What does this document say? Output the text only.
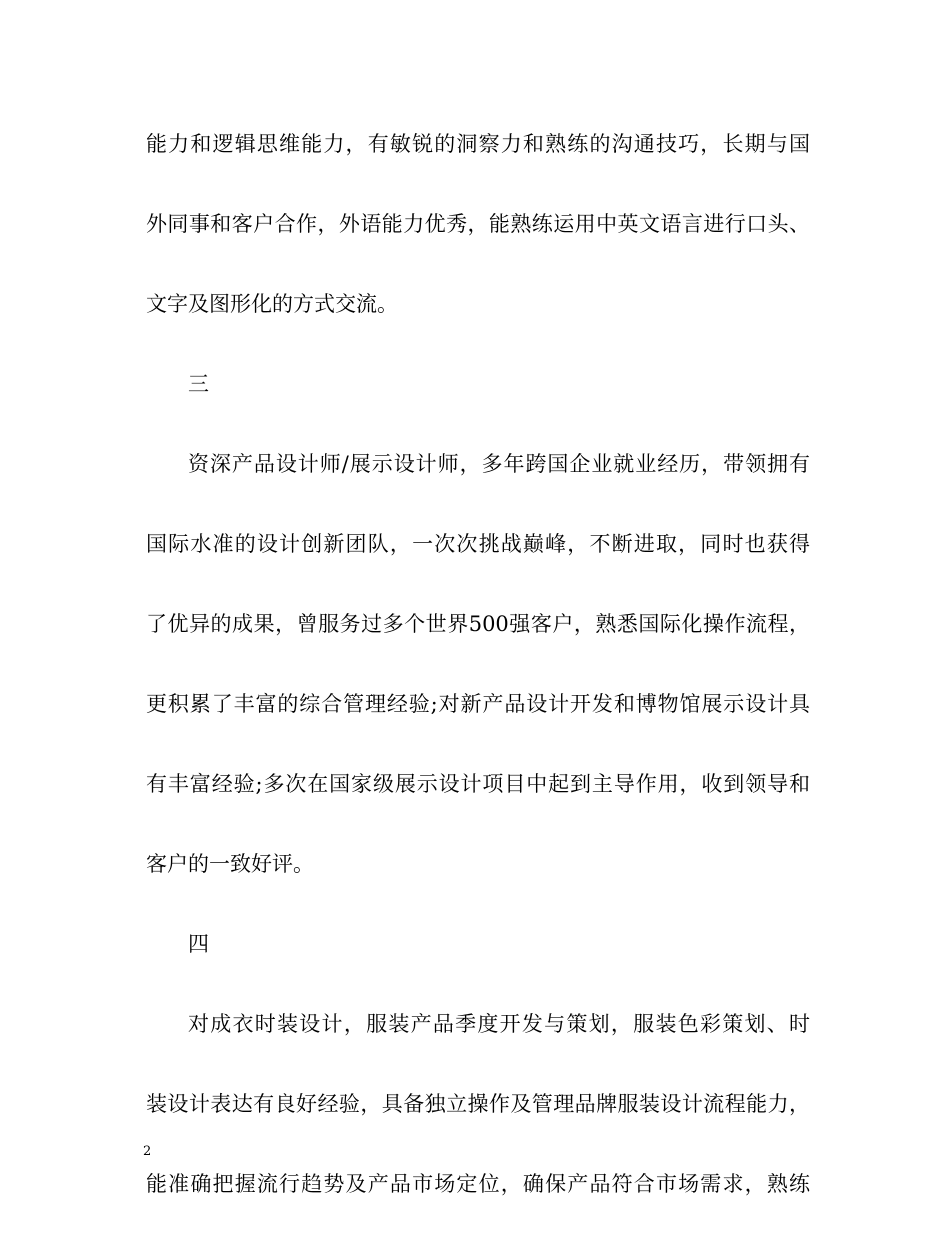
能力和逻辑思维能力，有敏锐的洞察力和熟练的沟通技巧，长期与国
外同事和客户合作，外语能力优秀，能熟练运用中英文语言进行口头、
文字及图形化的方式交流。
三
资深产品设计师/展示设计师，多年跨国企业就业经历，带领拥有
国际水准的设计创新团队，一次次挑战巅峰，不断进取，同时也获得
了优异的成果，曾服务过多个世界500强客户，熟悉国际化操作流程，
更积累了丰富的综合管理经验;对新产品设计开发和博物馆展示设计具
有丰富经验;多次在国家级展示设计项目中起到主导作用，收到领导和
客户的一致好评。
四
对成衣时装设计，服装产品季度开发与策划，服装色彩策划、时
装设计表达有良好经验，具备独立操作及管理品牌服装设计流程能力，
能准确把握流行趋势及产品市场定位，确保产品符合市场需求，熟练
2
